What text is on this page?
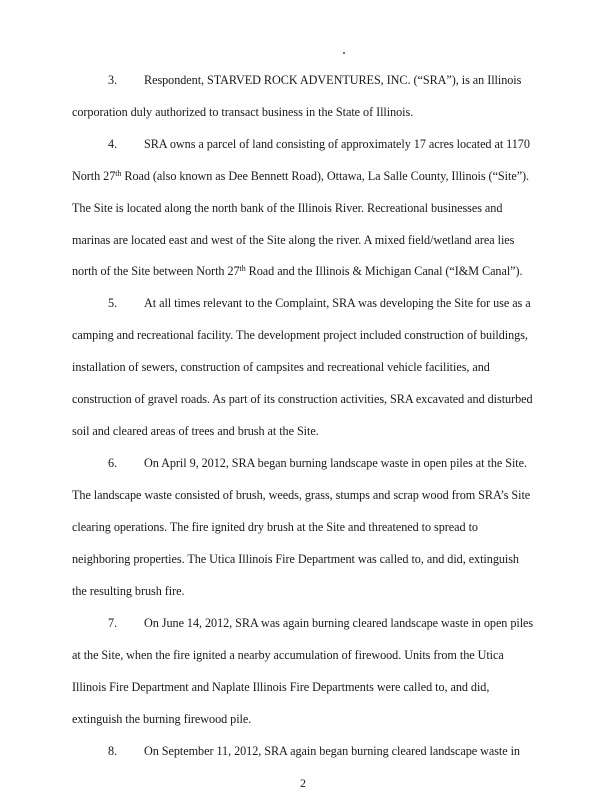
3. Respondent, STARVED ROCK ADVENTURES, INC. (“SRA”), is an Illinois
corporation duly authorized to transact business in the State of Illinois.
4. SRA owns a parcel of land consisting of approximately 17 acres located at 1170
North 27th Road (also known as Dee Bennett Road), Ottawa, La Salle County, Illinois (“Site”).
The Site is located along the north bank of the Illinois River. Recreational businesses and
marinas are located east and west of the Site along the river. A mixed field/wetland area lies
north of the Site between North 27th Road and the Illinois & Michigan Canal (“I&M Canal”).
5. At all times relevant to the Complaint, SRA was developing the Site for use as a
camping and recreational facility. The development project included construction of buildings,
installation of sewers, construction of campsites and recreational vehicle facilities, and
construction of gravel roads. As part of its construction activities, SRA excavated and disturbed
soil and cleared areas of trees and brush at the Site.
6. On April 9, 2012, SRA began burning landscape waste in open piles at the Site.
The landscape waste consisted of brush, weeds, grass, stumps and scrap wood from SRA’s Site
clearing operations. The fire ignited dry brush at the Site and threatened to spread to
neighboring properties. The Utica Illinois Fire Department was called to, and did, extinguish
the resulting brush fire.
7. On June 14, 2012, SRA was again burning cleared landscape waste in open piles
at the Site, when the fire ignited a nearby accumulation of firewood. Units from the Utica
Illinois Fire Department and Naplate Illinois Fire Departments were called to, and did,
extinguish the burning firewood pile.
8. On September 11, 2012, SRA again began burning cleared landscape waste in
2
